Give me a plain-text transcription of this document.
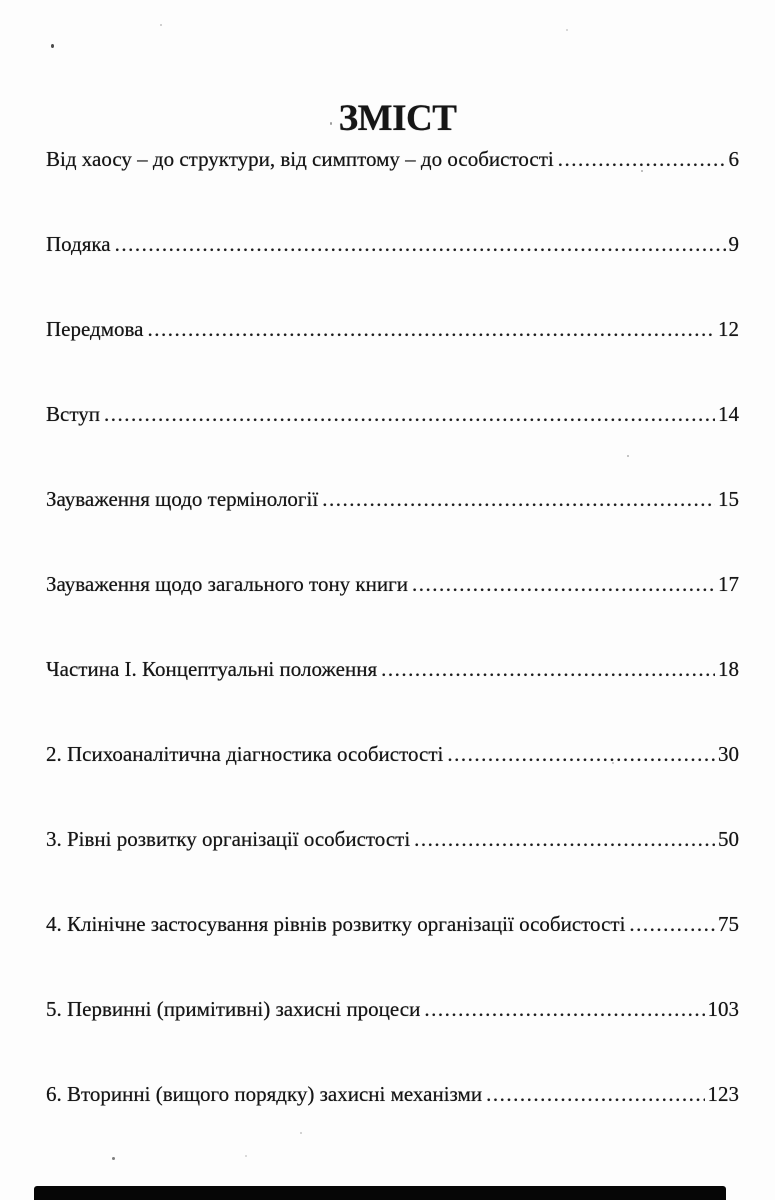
ЗМІСТ
Від хаосу – до структури, від симптому – до особистості .....	6
Подяка .....	9
Передмова .....	12
Вступ .....	14
Зауваження щодо термінології .....	15
Зауваження щодо загального тону книги .....	17
Частина I. Концептуальні положення .....	18
2. Психоаналітична діагностика особистості .....	30
3. Рівні розвитку організації особистості .....	50
4. Клінічне застосування рівнів розвитку організації особистості .....	75
5. Первинні (примітивні) захисні процеси .....	103
6. Вторинні (вищого порядку) захисні механізми .....	123
